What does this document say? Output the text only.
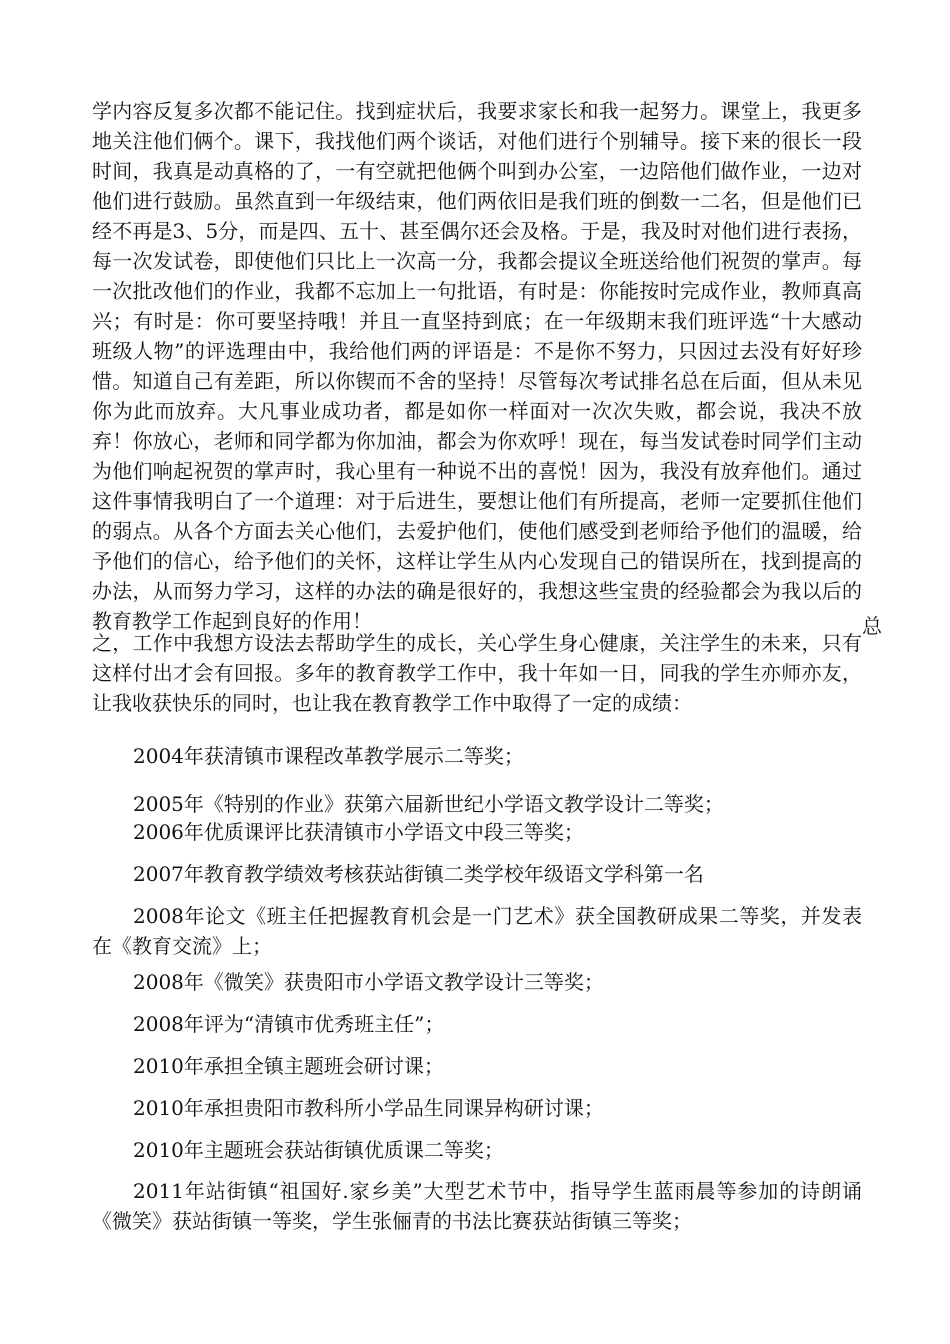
学内容反复多次都不能记住。找到症状后，我要求家长和我一起努力。课堂上，我更多地关注他们俩个。课下，我找他们两个谈话，对他们进行个别辅导。接下来的很长一段时间，我真是动真格的了，一有空就把他俩个叫到办公室，一边陪他们做作业，一边对他们进行鼓励。虽然直到一年级结束，他们两依旧是我们班的倒数一二名，但是他们已经不再是3、5分，而是四、五十、甚至偶尔还会及格。于是，我及时对他们进行表扬，每一次发试卷，即使他们只比上一次高一分，我都会提议全班送给他们祝贺的掌声。每一次批改他们的作业，我都不忘加上一句批语，有时是：你能按时完成作业，教师真高兴；有时是：你可要坚持哦！并且一直坚持到底；在一年级期末我们班评选“十大感动班级人物”的评选理由中，我给他们两的评语是：不是你不努力，只因过去没有好好珍惜。知道自己有差距，所以你锲而不舍的坚持！尽管每次考试排名总在后面，但从未见你为此而放弃。大凡事业成功者，都是如你一样面对一次次失败，都会说，我决不放弃！你放心，老师和同学都为你加油，都会为你欢呼！现在，每当发试卷时同学们主动为他们响起祝贺的掌声时，我心里有一种说不出的喜悦！因为，我没有放弃他们。通过这件事情我明白了一个道理：对于后进生，要想让他们有所提高，老师一定要抓住他们的弱点。从各个方面去关心他们，去爱护他们，使他们感受到老师给予他们的温暖，给予他们的信心，给予他们的关怀，这样让学生从内心发现自己的错误所在，找到提高的办法，从而努力学习，这样的办法的确是很好的，我想这些宝贵的经验都会为我以后的教育教学工作起到良好的作用！	总

之，工作中我想方设法去帮助学生的成长，关心学生身心健康，关注学生的未来，只有这样付出才会有回报。多年的教育教学工作中，我十年如一日，同我的学生亦师亦友，让我收获快乐的同时，也让我在教育教学工作中取得了一定的成绩：

2004年获清镇市课程改革教学展示二等奖；

2005年《特别的作业》获第六届新世纪小学语文教学设计二等奖；

2006年优质课评比获清镇市小学语文中段三等奖；

2007年教育教学绩效考核获站街镇二类学校年级语文学科第一名

2008年论文《班主任把握教育机会是一门艺术》获全国教研成果二等奖，并发表在《教育交流》上；

2008年《微笑》获贵阳市小学语文教学设计三等奖；

2008年评为“清镇市优秀班主任”；

2010年承担全镇主题班会研讨课；

2010年承担贵阳市教科所小学品生同课异构研讨课；

2010年主题班会获站街镇优质课二等奖；

2011年站街镇“祖国好.家乡美”大型艺术节中，指导学生蓝雨晨等参加的诗朗诵《微笑》获站街镇一等奖，学生张俪青的书法比赛获站街镇三等奖；
